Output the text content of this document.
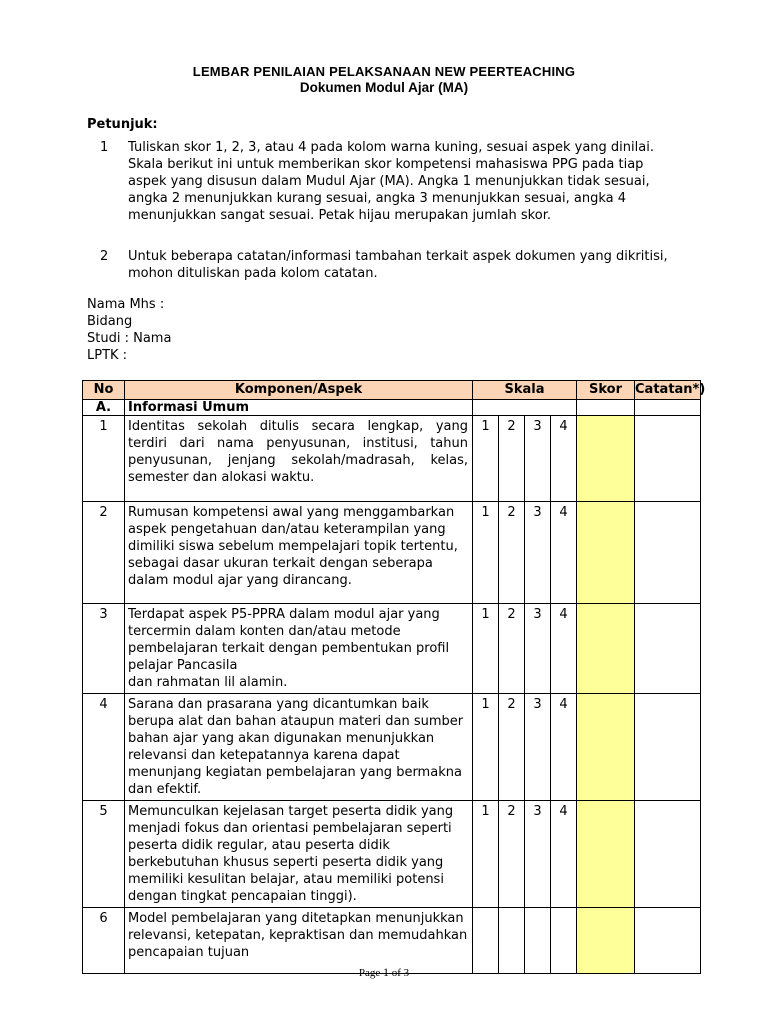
LEMBAR PENILAIAN PELAKSANAAN NEW PEERTEACHING
Dokumen Modul Ajar (MA)
Petunjuk:
1 Tuliskan skor 1, 2, 3, atau 4 pada kolom warna kuning, sesuai aspek yang dinilai. Skala berikut ini untuk memberikan skor kompetensi mahasiswa PPG pada tiap aspek yang disusun dalam Mudul Ajar (MA). Angka 1 menunjukkan tidak sesuai, angka 2 menunjukkan kurang sesuai, angka 3 menunjukkan sesuai, angka 4 menunjukkan sangat sesuai. Petak hijau merupakan jumlah skor.
2 Untuk beberapa catatan/informasi tambahan terkait aspek dokumen yang dikritisi, mohon dituliskan pada kolom catatan.
Nama Mhs :
Bidang
Studi : Nama
LPTK :
No	Komponen/Aspek	Skala				Skor	Catatan*)
A.	Informasi Umum						
1	Identitas sekolah ditulis secara lengkap, yang terdiri dari nama penyusunan, institusi, tahun penyusunan, jenjang sekolah/madrasah, kelas, semester dan alokasi waktu.	1	2	3	4		
2	Rumusan kompetensi awal yang menggambarkan aspek pengetahuan dan/atau keterampilan yang dimiliki siswa sebelum mempelajari topik tertentu, sebagai dasar ukuran terkait dengan seberapa dalam modul ajar yang dirancang.	1	2	3	4		
3	Terdapat aspek P5-PPRA dalam modul ajar yang tercermin dalam konten dan/atau metode pembelajaran terkait dengan pembentukan profil pelajar Pancasila
dan rahmatan lil alamin.	1	2	3	4		
4	Sarana dan prasarana yang dicantumkan baik berupa alat dan bahan ataupun materi dan sumber bahan ajar yang akan digunakan menunjukkan relevansi dan ketepatannya karena dapat menunjang kegiatan pembelajaran yang bermakna dan efektif.	1	2	3	4		
5	Memunculkan kejelasan target peserta didik yang menjadi fokus dan orientasi pembelajaran seperti peserta didik regular, atau peserta didik berkebutuhan khusus seperti peserta didik yang memiliki kesulitan belajar, atau memiliki potensi dengan tingkat pencapaian tinggi).	1	2	3	4		
6	Model pembelajaran yang ditetapkan menunjukkan relevansi, ketepatan, kepraktisan dan memudahkan pencapaian tujuan						
Page 1 of 3
